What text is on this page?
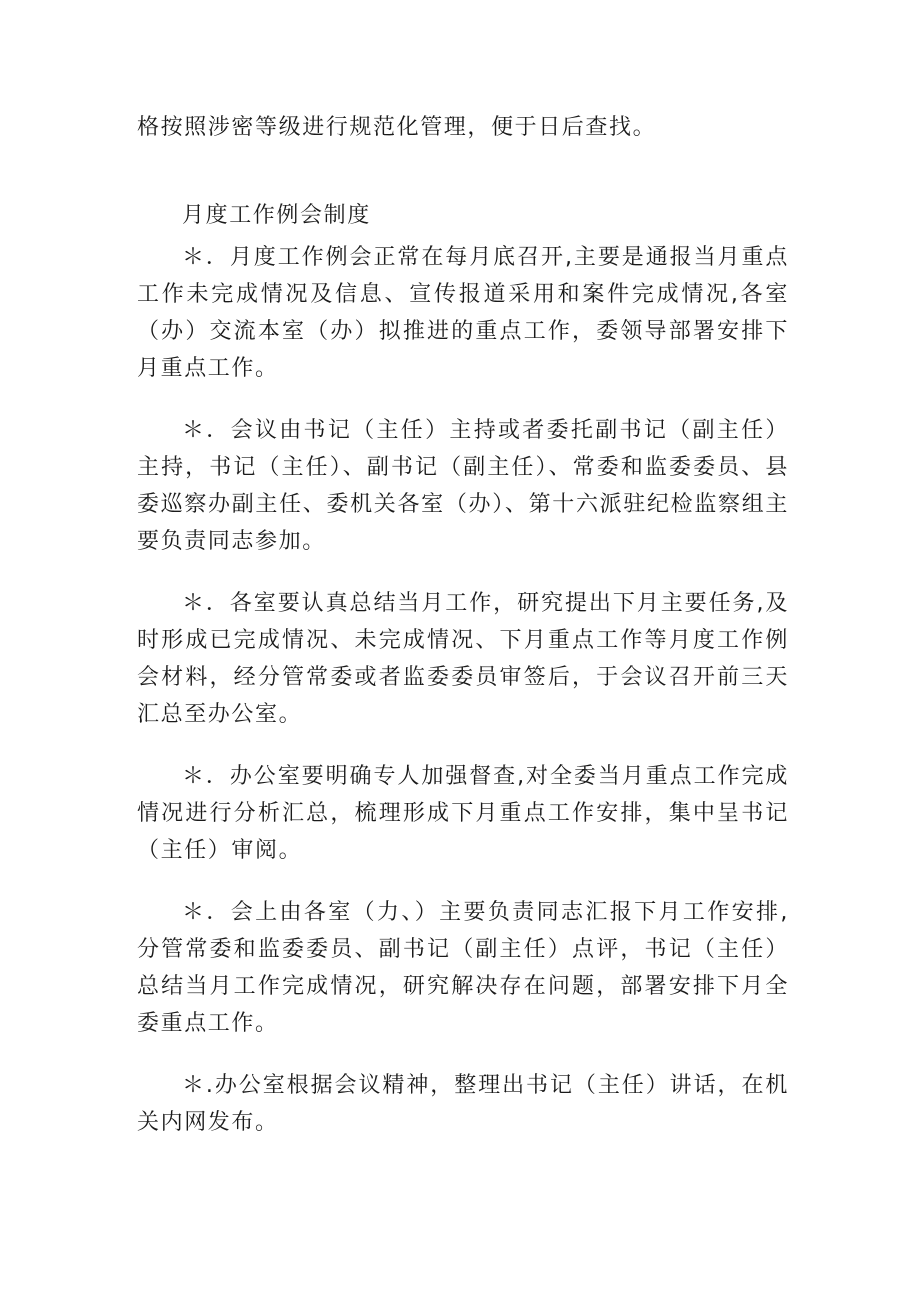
格按照涉密等级进行规范化管理，便于日后查找。

月度工作例会制度

＊．月度工作例会正常在每月底召开,主要是通报当月重点工作未完成情况及信息、宣传报道采用和案件完成情况,各室（办）交流本室（办）拟推进的重点工作，委领导部署安排下月重点工作。

＊．会议由书记（主任）主持或者委托副书记（副主任）主持，书记（主任）、副书记（副主任）、常委和监委委员、县委巡察办副主任、委机关各室（办）、第十六派驻纪检监察组主要负责同志参加。

＊．各室要认真总结当月工作，研究提出下月主要任务,及时形成已完成情况、未完成情况、下月重点工作等月度工作例会材料，经分管常委或者监委委员审签后，于会议召开前三天汇总至办公室。

＊．办公室要明确专人加强督查,对全委当月重点工作完成情况进行分析汇总，梳理形成下月重点工作安排，集中呈书记（主任）审阅。

＊．会上由各室（力、）主要负责同志汇报下月工作安排,分管常委和监委委员、副书记（副主任）点评，书记（主任）总结当月工作完成情况，研究解决存在问题，部署安排下月全委重点工作。

＊.办公室根据会议精神，整理出书记（主任）讲话，在机关内网发布。
